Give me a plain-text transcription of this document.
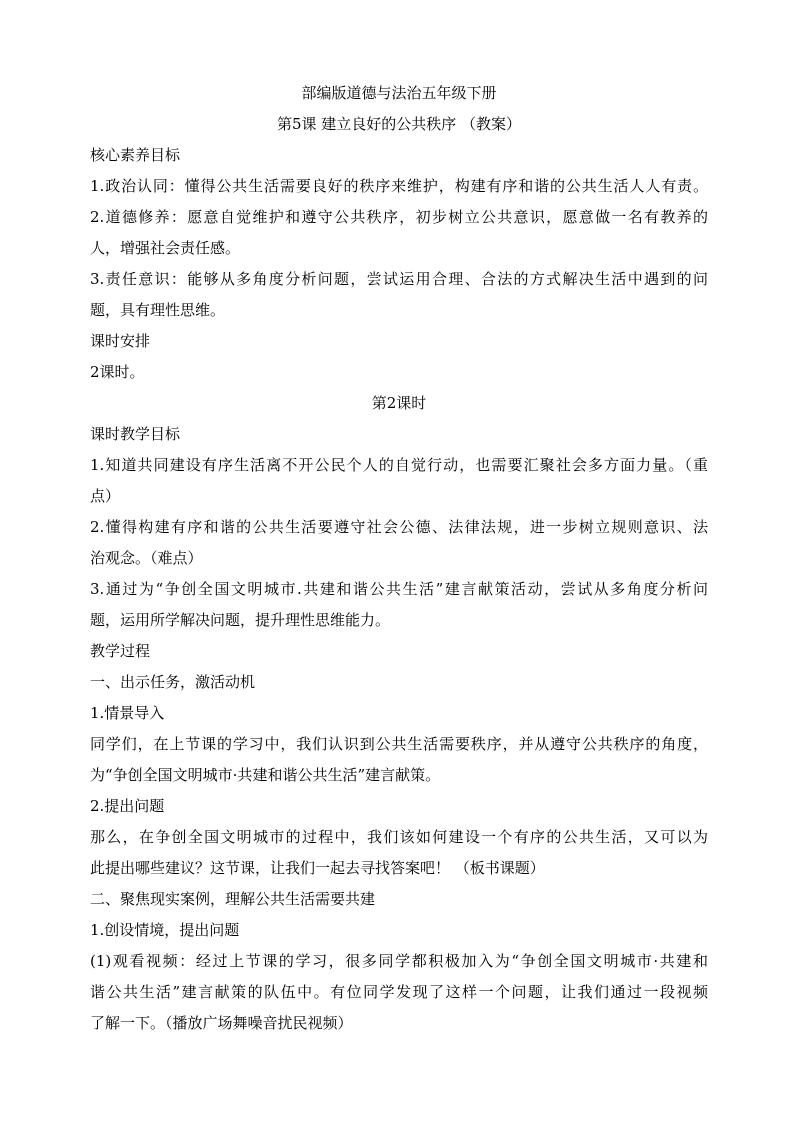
部编版道德与法治五年级下册
第5课 建立良好的公共秩序 （教案）
核心素养目标
1.政治认同：懂得公共生活需要良好的秩序来维护，构建有序和谐的公共生活人人有责。
2.道德修养：愿意自觉维护和遵守公共秩序，初步树立公共意识，愿意做一名有教养的
人，增强社会责任感。
3.责任意识：能够从多角度分析问题，尝试运用合理、合法的方式解决生活中遇到的问
题，具有理性思维。
课时安排
2课时。
第2课时
课时教学目标
1.知道共同建设有序生活离不开公民个人的自觉行动，也需要汇聚社会多方面力量。（重
点）
2.懂得构建有序和谐的公共生活要遵守社会公德、法律法规，进一步树立规则意识、法
治观念。（难点）
3.通过为“争创全国文明城市.共建和谐公共生活”建言献策活动，尝试从多角度分析问
题，运用所学解决问题，提升理性思维能力。
教学过程
一、出示任务，激活动机
1.情景导入
同学们，在上节课的学习中，我们认识到公共生活需要秩序，并从遵守公共秩序的角度，
为“争创全国文明城市·共建和谐公共生活”建言献策。
2.提出问题
那么，在争创全国文明城市的过程中，我们该如何建设一个有序的公共生活，又可以为
此提出哪些建议？这节课，让我们一起去寻找答案吧！ （板书课题）
二、聚焦现实案例，理解公共生活需要共建
1.创设情境，提出问题
(1)观看视频：经过上节课的学习，很多同学都积极加入为“争创全国文明城市·共建和
谐公共生活”建言献策的队伍中。有位同学发现了这样一个问题，让我们通过一段视频
了解一下。（播放广场舞噪音扰民视频）
